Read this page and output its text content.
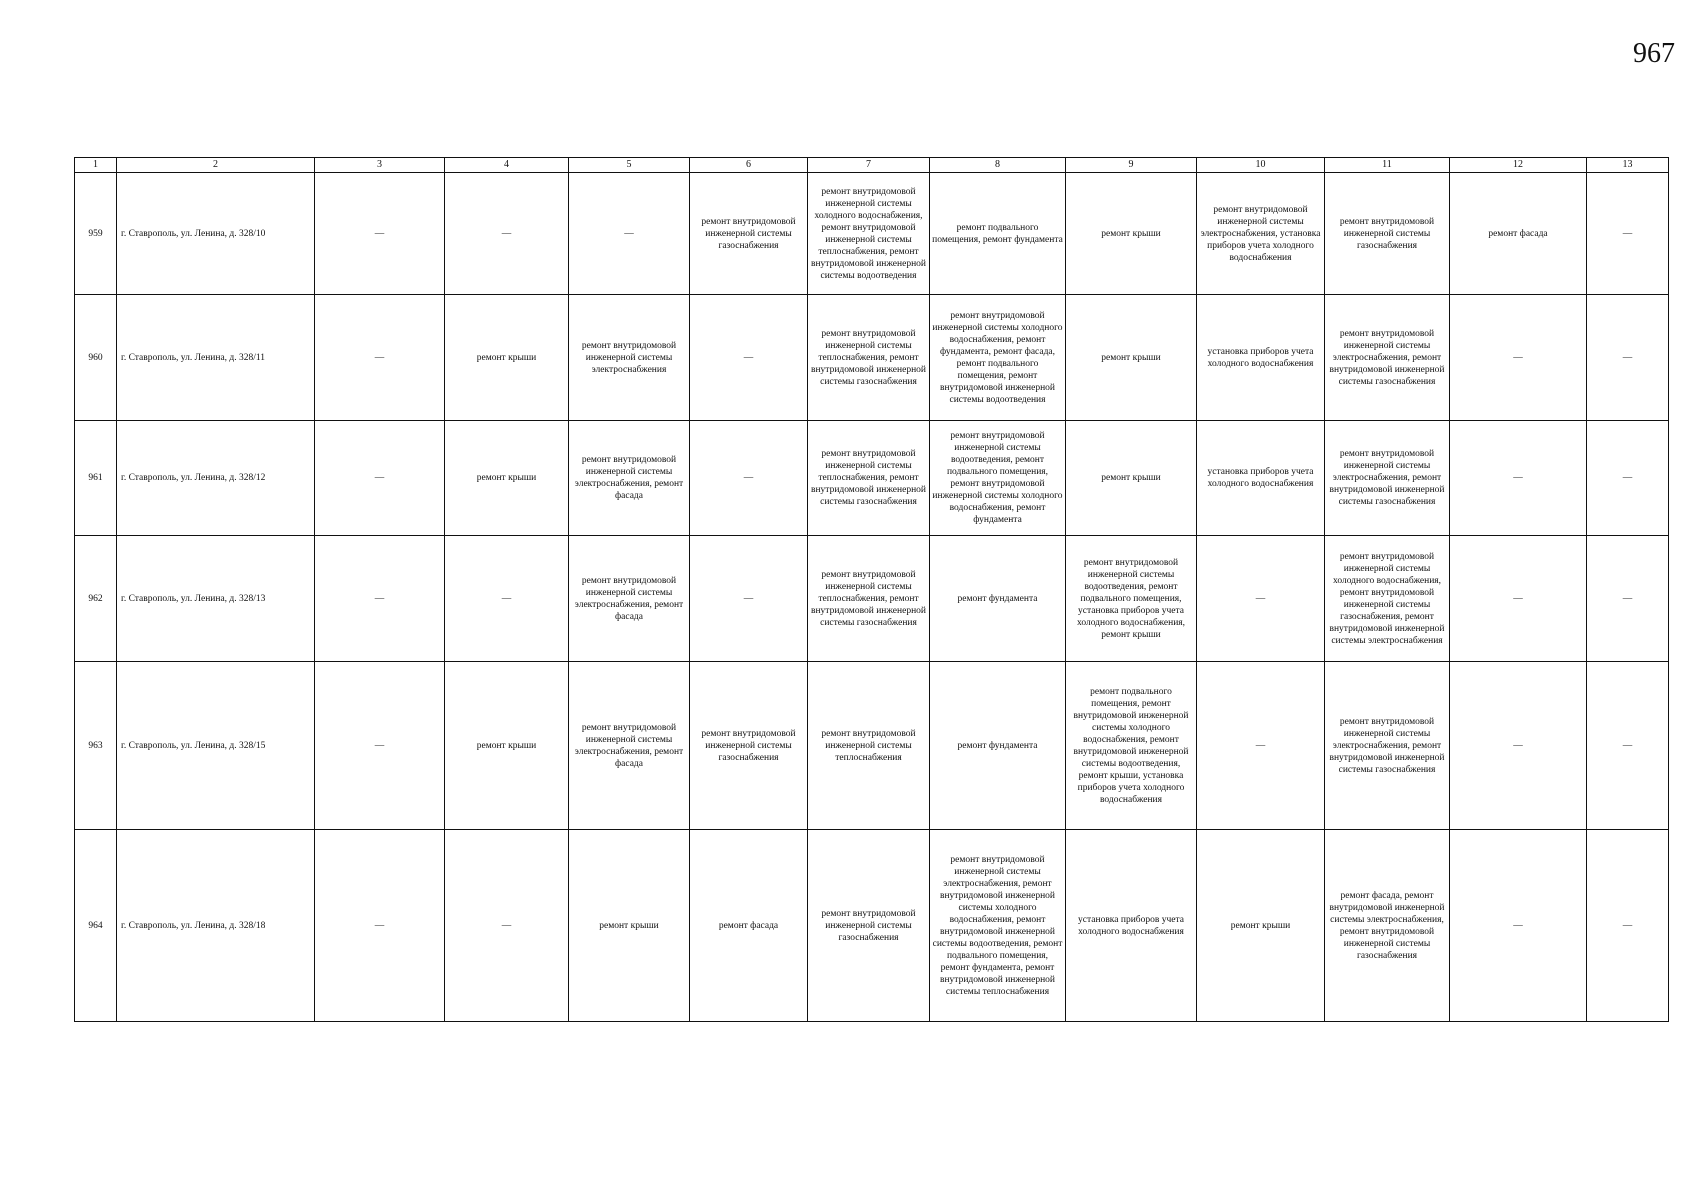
967
1	2	3	4	5	6	7	8	9	10	11	12	13
959	г. Ставрополь, ул. Ленина, д. 328/10	—	—	—	ремонт внутридомовой инженерной системы газоснабжения	ремонт внутридомовой инженерной системы холодного водоснабжения, ремонт внутридомовой инженерной системы теплоснабжения, ремонт внутридомовой инженерной системы водоотведения	ремонт подвального помещения, ремонт фундамента	ремонт крыши	ремонт внутридомовой инженерной системы электроснабжения, установка приборов учета холодного водоснабжения	ремонт внутридомовой инженерной системы газоснабжения	ремонт фасада	—
960	г. Ставрополь, ул. Ленина, д. 328/11	—	ремонт крыши	ремонт внутридомовой инженерной системы электроснабжения	—	ремонт внутридомовой инженерной системы теплоснабжения, ремонт внутридомовой инженерной системы газоснабжения	ремонт внутридомовой инженерной системы холодного водоснабжения, ремонт фундамента, ремонт фасада, ремонт подвального помещения, ремонт внутридомовой инженерной системы водоотведения	ремонт крыши	установка приборов учета холодного водоснабжения	ремонт внутридомовой инженерной системы электроснабжения, ремонт внутридомовой инженерной системы газоснабжения	—	—
961	г. Ставрополь, ул. Ленина, д. 328/12	—	ремонт крыши	ремонт внутридомовой инженерной системы электроснабжения, ремонт фасада	—	ремонт внутридомовой инженерной системы теплоснабжения, ремонт внутридомовой инженерной системы газоснабжения	ремонт внутридомовой инженерной системы водоотведения, ремонт подвального помещения, ремонт внутридомовой инженерной системы холодного водоснабжения, ремонт фундамента	ремонт крыши	установка приборов учета холодного водоснабжения	ремонт внутридомовой инженерной системы электроснабжения, ремонт внутридомовой инженерной системы газоснабжения	—	—
962	г. Ставрополь, ул. Ленина, д. 328/13	—	—	ремонт внутридомовой инженерной системы электроснабжения, ремонт фасада	—	ремонт внутридомовой инженерной системы теплоснабжения, ремонт внутридомовой инженерной системы газоснабжения	ремонт фундамента	ремонт внутридомовой инженерной системы водоотведения, ремонт подвального помещения, установка приборов учета холодного водоснабжения, ремонт крыши	—	ремонт внутридомовой инженерной системы холодного водоснабжения, ремонт внутридомовой инженерной системы газоснабжения, ремонт внутридомовой инженерной системы электроснабжения	—	—
963	г. Ставрополь, ул. Ленина, д. 328/15	—	ремонт крыши	ремонт внутридомовой инженерной системы электроснабжения, ремонт фасада	ремонт внутридомовой инженерной системы газоснабжения	ремонт внутридомовой инженерной системы теплоснабжения	ремонт фундамента	ремонт подвального помещения, ремонт внутридомовой инженерной системы холодного водоснабжения, ремонт внутридомовой инженерной системы водоотведения, ремонт крыши, установка приборов учета холодного водоснабжения	—	ремонт внутридомовой инженерной системы электроснабжения, ремонт внутридомовой инженерной системы газоснабжения	—	—
964	г. Ставрополь, ул. Ленина, д. 328/18	—	—	ремонт крыши	ремонт фасада	ремонт внутридомовой инженерной системы газоснабжения	ремонт внутридомовой инженерной системы электроснабжения, ремонт внутридомовой инженерной системы холодного водоснабжения, ремонт внутридомовой инженерной системы водоотведения, ремонт подвального помещения, ремонт фундамента, ремонт внутридомовой инженерной системы теплоснабжения	установка приборов учета холодного водоснабжения	ремонт крыши	ремонт фасада, ремонт внутридомовой инженерной системы электроснабжения, ремонт внутридомовой инженерной системы газоснабжения	—	—
